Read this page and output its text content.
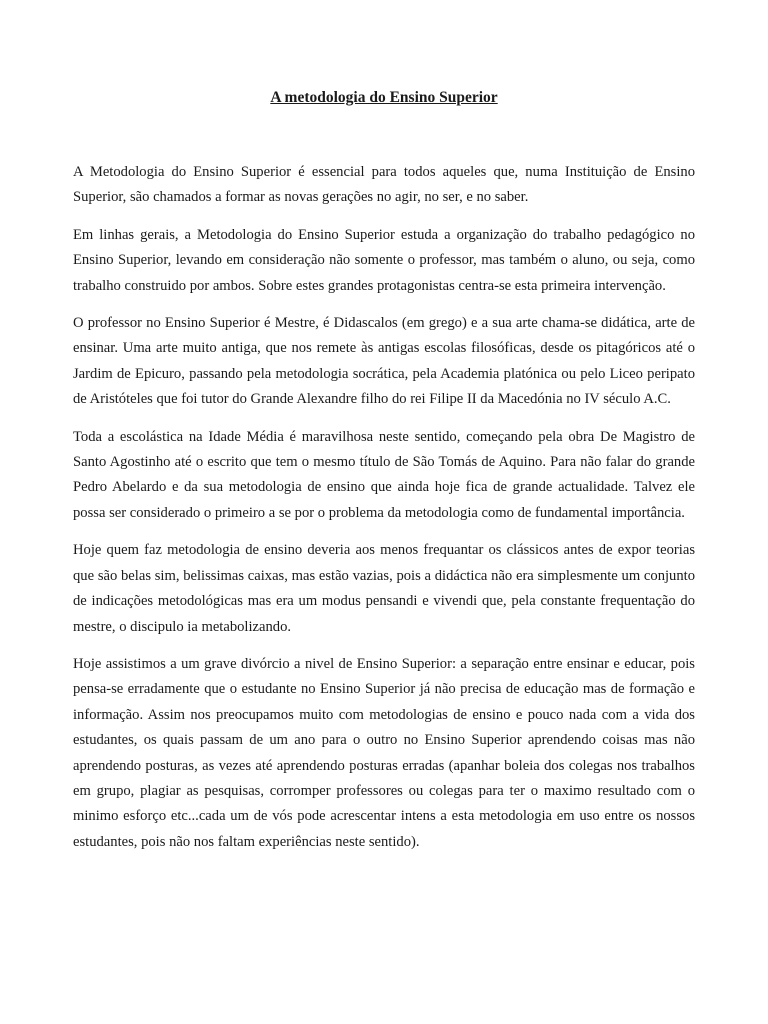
A metodologia do Ensino Superior

A Metodologia do Ensino Superior é essencial para todos aqueles que, numa Instituição de Ensino Superior, são chamados a formar as novas gerações no agir, no ser, e no saber.

Em linhas gerais, a Metodologia do Ensino Superior estuda a organização do trabalho pedagógico no Ensino Superior, levando em consideração não somente o professor, mas também o aluno, ou seja, como trabalho construido por ambos. Sobre estes grandes protagonistas centra-se esta primeira intervenção.

O professor no Ensino Superior é Mestre, é Didascalos (em grego) e a sua arte chama-se didática, arte de ensinar. Uma arte muito antiga, que nos remete às antigas escolas filosóficas, desde os pitagóricos até o Jardim de Epicuro, passando pela metodologia socrática, pela Academia platónica ou pelo Liceo peripato de Aristóteles que foi tutor do Grande Alexandre filho do rei Filipe II da Macedónia no IV século A.C.

Toda a escolástica na Idade Média é maravilhosa neste sentido, começando pela obra De Magistro de Santo Agostinho até o escrito que tem o mesmo título de São Tomás de Aquino. Para não falar do grande Pedro Abelardo e da sua metodologia de ensino que ainda hoje fica de grande actualidade. Talvez ele possa ser considerado o primeiro a se por o problema da metodologia como de fundamental importância.

Hoje quem faz metodologia de ensino deveria aos menos frequantar os clássicos antes de expor teorias que são belas sim, belissimas caixas, mas estão vazias, pois a didáctica não era simplesmente um conjunto de indicações metodológicas mas era um modus pensandi e vivendi que, pela constante frequentação do mestre, o discipulo ia metabolizando.

Hoje assistimos a um grave divórcio a nivel de Ensino Superior: a separação entre ensinar e educar, pois pensa-se erradamente que o estudante no Ensino Superior já não precisa de educação mas de formação e informação. Assim nos preocupamos muito com metodologias de ensino e pouco nada com a vida dos estudantes, os quais passam de um ano para o outro no Ensino Superior aprendendo coisas mas não aprendendo posturas, as vezes até aprendendo posturas erradas (apanhar boleia dos colegas nos trabalhos em grupo, plagiar as pesquisas, corromper professores ou colegas para ter o maximo resultado com o minimo esforço etc...cada um de vós pode acrescentar intens a esta metodologia em uso entre os nossos estudantes, pois não nos faltam experiências neste sentido).
